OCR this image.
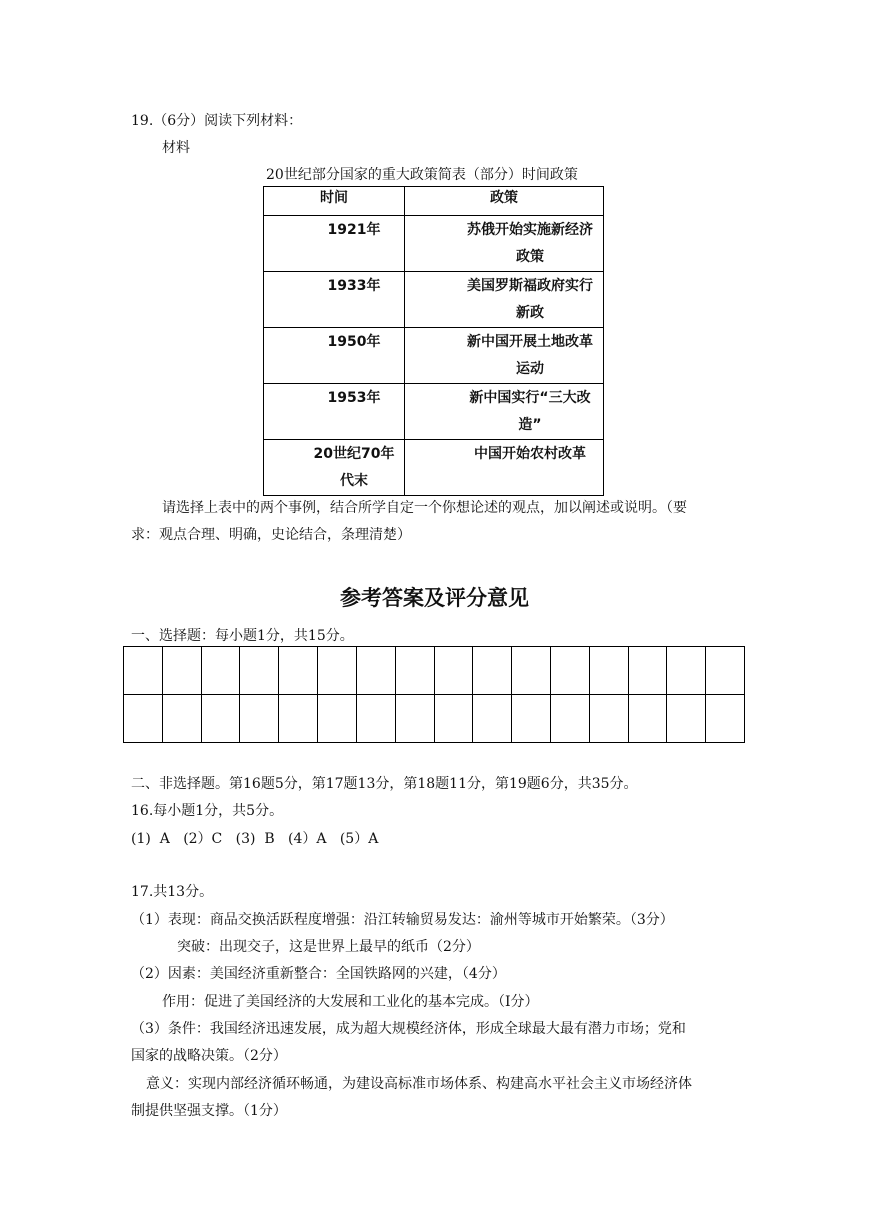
19.（6分）阅读下列材料：
材料
20世纪部分国家的重大政策简表（部分）时间政策
时间	政策

1921年	苏俄开始实施新经济政策

1933年	美国罗斯福政府实行新政

1950年	新中国开展土地改革运动

1953年	新中国实行“三大改造”

20世纪70年代末	中国开始农村改革
请选择上表中的两个事例，结合所学自定一个你想论述的观点，加以阐述或说明。（要
求：观点合理、明确，史论结合，条理清楚）
参考答案及评分意见
一、选择题：每小题1分，共15分。

二、非选择题。第16题5分，第17题13分，第18题11分，第19题6分，共35分。
16.每小题1分，共5分。
(1)  A   (2）C   (3)  B   (4）A   (5）A
17.共13分。
（1）表现：商品交换活跃程度增强：沿江转输贸易发达：渝州等城市开始繁荣。（3分）
突破：出现交子，这是世界上最早的纸币（2分）
（2）因素：美国经济重新整合：全国铁路网的兴建，（4分）
作用：促进了美国经济的大发展和工业化的基本完成。（I分）
（3）条件：我国经济迅速发展，成为超大规模经济体，形成全球最大最有潜力市场；党和
国家的战略决策。（2分）
意义：实现内部经济循环畅通，为建设高标准市场体系、构建高水平社会主义市场经济体
制提供坚强支撑。（1分）
